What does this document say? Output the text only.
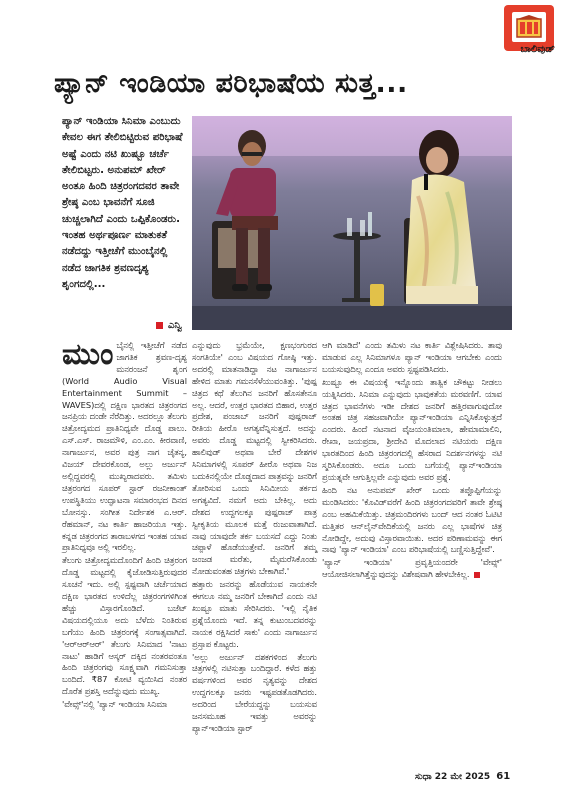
ಬಾಲಿವುಡ್
ಪ್ಯಾನ್ ಇಂಡಿಯಾ ಪರಿಭಾಷೆಯ ಸುತ್ತ...

ಪ್ಯಾನ್ ಇಂಡಿಯಾ ಸಿನಿಮಾ ಎಂಬುದು ಕೇವಲ ಈಗ ತೇಲಿಬಿಟ್ಟಿರುವ ಪರಿಭಾಷೆ ಅಷ್ಟೆ ಎಂದು ನಟಿ ಖುಷ್ಬೂ ಚರ್ಚೆ ತೇಲಿಬಿಟ್ಟರು. ಅನುಪಮ್ ಖೇರ್ ಅಂತೂ ಹಿಂದಿ ಚಿತ್ರರಂಗದವರ ತಾವೇ ಶ್ರೇಷ್ಠ ಎಂಬ ಭಾವನೆಗೆ ಸೂಜಿ ಚುಚ್ಚಲಾಗಿದೆ ಎಂದು ಒಪ್ಪಿಕೊಂಡರು. ಇಂತಹ ಅರ್ಥಪೂರ್ಣ ಮಾತುಕತೆ ನಡೆದದ್ದು ಇತ್ತೀಚೆಗೆ ಮುಂಬೈನಲ್ಲಿ ನಡೆದ ಜಾಗತಿಕ ಶ್ರವಣದೃಶ್ಯ ಶೃಂಗದಲ್ಲಿ...

ಎನ್ವಿ

ಮುಂಬೈನಲ್ಲಿ ಇತ್ತೀಚೆಗೆ ನಡೆದ ಜಾಗತಿಕ ಶ್ರವಣ-ದೃಶ್ಯ ಮನರಂಜನೆ ಶೃಂಗ (World Audio Visual Entertainment Summit – WAVES)ದಲ್ಲಿ ದಕ್ಷಿಣ ಭಾರತದ ಚಿತ್ರರಂಗದ ಜನಪ್ರಿಯ ದಂಡೇ ನೆರೆದಿತ್ತು. ಅದರಲ್ಲೂ ತೆಲುಗು ಚಿತ್ರೋದ್ಯಮದ ಪ್ರಾತಿನಿಧ್ಯವೇ ದೊಡ್ಡ ಪಾಲು. ಎಸ್.ಎಸ್. ರಾಜಮೌಳಿ, ಎಂ.ಎಂ. ಕೀರವಾಣಿ, ನಾಗಾರ್ಜುನ, ಅವರ ಪುತ್ರ ನಾಗ ಚೈತನ್ಯ, ವಿಜಯ್ ದೇವರಕೊಂಡ, ಅಲ್ಲು ಅರ್ಜುನ್ ಅಲ್ಲಿದ್ದವರಲ್ಲಿ ಮುಖ್ಯರಾದವರು. ತಮಿಳು ಚಿತ್ರರಂಗದ ಸೂಪರ್ ಸ್ಟಾರ್ ರಜನೀಕಾಂತ್ ಉಪಸ್ಥಿತಿಯು ಉದ್ಘಾಟನಾ ಸಮಾರಂಭದ ದಿನದ ಬೋನಸ್ಸು. ಸಂಗೀತ ನಿರ್ದೇಶಕ ಎ.ಆರ್. ರೆಹಮಾನ್, ನಟ ಕಾರ್ತಿ ಹಾಜರಿಯೂ ಇತ್ತು. ಕನ್ನಡ ಚಿತ್ರರಂಗದ ತಾರಾಬಳಗದ ಇಂತಹ ಯಾವ ಪ್ರಾತಿನಿಧ್ಯವೂ ಅಲ್ಲಿ ಇರಲಿಲ್ಲ.

ತೆಲುಗು ಚಿತ್ರೋದ್ಯಮದೊಂದಿಗೆ ಹಿಂದಿ ಚಿತ್ರರಂಗ ದೊಡ್ಡ ಮಟ್ಟದಲ್ಲಿ ಕೈಜೋಡಿಸುತ್ತಿರುವುದರ ಸೂಚನೆ ಇದು. ಅಲ್ಲಿ ಸ್ಪಷ್ಟವಾಗಿ ಚರ್ಚೆಯಾದ ದಕ್ಷಿಣ ಭಾರತದ ಉಳಿದೆಲ್ಲ ಚಿತ್ರರಂಗಗಳಿಗಿಂತ ಹೆಚ್ಚು ವಿಸ್ತಾರಗೊಂಡಿದೆ. ಬಜೆಟ್ ವಿಷಯದಲ್ಲಿಯೂ ಅದು ಬೆಳೆದು ನಿಂತಿರುವ ಬಗೆಯು ಹಿಂದಿ ಚಿತ್ರರಂಗಕ್ಕೆ ಸಂಗಾತ್ಸವಾಗಿದೆ. 'ಆರ್‌ಆರ್‌ಆರ್' ತೆಲುಗು ಸಿನಿಮಾದ 'ನಾಟು ನಾಟು' ಹಾಡಿಗೆ ಆಸ್ಕರ್ ದಕ್ಕಿದ ನಂತರವಂತೂ ಹಿಂದಿ ಚಿತ್ರರಂಗವು ಸೂಕ್ಷ್ಮವಾಗಿ ಗಮನಿಸುತ್ತಾ ಬಂದಿದೆ. ₹87 ಕೋಟಿ ವ್ಯಯಿಸಿದ ನಂತರ ದೊರೆತ ಪ್ರಶಸ್ತಿ ಅದೆನ್ನುವುದು ಮುಖ್ಯ.

'ವೇವ್ಸ್'ನಲ್ಲಿ 'ಪ್ಯಾನ್ ಇಂಡಿಯಾ ಸಿನಿಮಾ

ಎನ್ನುವುದು ಭ್ರಮೆಯೇ, ಕ್ಷಣಭಂಗುರದ ಸಂಗತಿಯೇ' ಎಂಬ ವಿಷಯದ ಗೋಷ್ಠಿ ಇತ್ತು. ಅದರಲ್ಲಿ ಮಾತನಾಡಿದ್ದಾ ನಟ ನಾಗಾರ್ಜುನ ಹೇಳಿದ ಮಾತು ಗಮನಸೆಳೆಯುವಂತಿತ್ತು. 'ಪುಷ್ಪ ಚಿತ್ರದ ಕಥೆ ತೆಲುಗಿನ ಜನರಿಗೆ ಹೊಸತೇನೂ ಅಲ್ಲ. ಆದರೆ, ಉತ್ತರ ಭಾರತದ ಬಿಹಾರ, ಉತ್ತರ ಪ್ರದೇಶ, ಪಂಜಾಬ್ ಜನರಿಗೆ ಪುಷ್ಪರಾಜ್ ರೀತಿಯ ಹೀರೊ ಅಗತ್ಯವೆನ್ನಿಸುತ್ತದೆ. ಅದನ್ನು ಅವರು ದೊಡ್ಡ ಮಟ್ಟದಲ್ಲಿ ಸ್ವೀಕರಿಸಿದರು. ಹಾಲಿವುಡ್ ಅಥವಾ ಬೇರೆ ದೇಶಗಳ ಸಿನಿಮಾಗಳಲ್ಲಿ ಸೂಪರ್ ಹೀರೊ ಅಥವಾ ನಿಜ ಬದುಕಿನಲ್ಲಿಯೇ ದೊಡ್ಡದಾದ ಪಾತ್ರವನ್ನು ಜನರಿಗೆ ತೋರಿಸುವ ಒಂದು ಸಿನಿಮೀಯ ತರ್ಕದ ಅಗತ್ಯವಿದೆ. ನಮಗೆ ಅದು ಬೇಕಿಲ್ಲ. ಅದು ದೇಶದ ಉದ್ದಗಲಕ್ಕೂ ಪುಷ್ಪರಾಜ್ ಪಾತ್ರ ಸ್ವೀಕೃತಿಯ ಮೂಲಕ ಮತ್ತೆ ರುಜುವಾತಾಗಿದೆ. ನಾವು ಯಾವುದೇ ತರ್ಕ ಬಯಸದೆ ಎದ್ದು ನಿಂತು ಚಪ್ಪಾಳೆ ಹೊಡೆಯುತ್ತೇವೆ. ಜನರಿಗೆ ತಮ್ಮ ಜಂಜಡ ಮರೆತು, ಮೈಮರೆಸಿಕೊಂಡು ನೋಡುವಂತಹ ಚಿತ್ರಗಳು ಬೇಕಾಗಿವೆ.'

ಹತ್ತಾರು ಜನರನ್ನು ಹೊಡೆಯುವ ನಾಯಕನೇ ಈಗಲೂ ನಮ್ಮ ಜನರಿಗೆ ಬೇಕಾಗಿದೆ ಎಂದು ನಟಿ ಖುಷ್ಬೂ ಮಾತು ಸೇರಿಸಿದರು. 'ಇಲ್ಲಿ ನೈತಿಕ ಪ್ರಶ್ನೆಯೊಂದು ಇದೆ. ತನ್ನ ಕುಟುಂಬದವರನ್ನು ನಾಯಕ ರಕ್ಷಿಸಿದರೆ ಸಾಕು' ಎಂದು ನಾಗಾರ್ಜುನ ಪ್ರಸ್ತಾಪ ಕೊಟ್ಟರು.

'ಅಲ್ಲು ಅರ್ಜುನ್ ದಶಕಗಳಿಂದ ತೆಲುಗು ಚಿತ್ರಗಳಲ್ಲಿ ನಟಿಸುತ್ತಾ ಬಂದಿದ್ದಾರೆ. ಕಳೆದ ಹತ್ತು ವರ್ಷಗಳಿಂದ ಅವರ ನೃತ್ಯವನ್ನು ದೇಶದ ಉದ್ದಗಲಕ್ಕೂ ಜನರು ಇಷ್ಟಪಡತೊಡಗಿದರು. ಅದರಿಂದ ಬೇರೆಯದ್ದನ್ನು ಬಯಸುವ ಜನಸಮೂಹ ಇವತ್ತು ಅವರನ್ನು ಪ್ಯಾನ್‌ಇಂಡಿಯಾ ಸ್ಟಾರ್

ಆಗಿ ಮಾಡಿದೆ' ಎಂದು ತಮಿಳು ನಟ ಕಾರ್ತಿ ವಿಶ್ಲೇಷಿಸಿದರು. ತಾವು ಮಾಡುವ ಎಲ್ಲ ಸಿನಿಮಾಗಳೂ ಪ್ಯಾನ್ ಇಂಡಿಯಾ ಆಗಬೇಕು ಎಂದು ಬಯಸುವುದಿಲ್ಲ ಎಂದೂ ಅವರು ಸ್ಪಷ್ಟಪಡಿಸಿದರು.

ಖುಷ್ಬೂ ಈ ವಿಷಯಕ್ಕೆ ಇನ್ನೊಂದು ತಾತ್ವಿಕ ಚೌಕಟ್ಟು ನೀಡಲು ಯತ್ನಿಸಿದರು. ಸಿನಿಮಾ ಎನ್ನುವುದು ಭಾವುಕತೆಯ ಮರವಣಿಗೆ. ಯಾವ ಚಿತ್ರದ ಭಾವನೆಗಳು ಇಡೀ ದೇಶದ ಜನರಿಗೆ ಹತ್ತಿರವಾಗುವುದೋ ಅಂತಹ ಚಿತ್ರ ಸಹಜವಾಗಿಯೇ ಪ್ಯಾನ್‌ಇಂಡಿಯಾ ಎನ್ನಿಸಿಕೊಳ್ಳುತ್ತದೆ ಎಂದರು. ಹಿಂದೆ ನಟನಾದ ವೈಜಯಂತಿಮಾಲಾ, ಹೇಮಾಮಾಲಿನಿ, ರೇಖಾ, ಜಯಪ್ರದಾ, ಶ್ರೀದೇವಿ ಮೊದಲಾದ ನಟಿಯರು ದಕ್ಷಿಣ ಭಾರತದಿಂದ ಹಿಂದಿ ಚಿತ್ರರಂಗದಲ್ಲಿ ಹೆಸರಾದ ನಿದರ್ಶನಗಳನ್ನು ನಟಿ ಸ್ಮರಿಸಿಕೊಂಡರು. ಅದೂ ಒಂದು ಬಗೆಯಲ್ಲಿ ಪ್ಯಾನ್‌ಇಂಡಿಯಾ ಪ್ರಯತ್ನವೇ ಆಗುತ್ತಿಲ್ಲವೇ ಎನ್ನುವುದು ಅವರ ಪ್ರಶ್ನೆ.

ಹಿಂದಿ ನಟ ಅನುಪಮ್ ಖೇರ್ ಒಂದು ತಪ್ಪೊಪ್ಪಿಗೆಯನ್ನು ಮಂಡಿಸಿದರು: 'ಕೊವಿಡ್‌ವರೆಗೆ ಹಿಂದಿ ಚಿತ್ರರಂಗದವರಿಗೆ ತಾವೇ ಶ್ರೇಷ್ಠ ಎಂಬ ಅಹಮಿಕೆಯಿತ್ತು. ಚಿತ್ರಮಂದಿರಗಳು ಬಂದ್ ಆದ ನಂತರ ಓಟಿಟಿ ಮತ್ತಿತರ ಆನ್‌ಲೈನ್‌ವೇದಿಕೆಯಲ್ಲಿ ಜನರು ಎಲ್ಲ ಭಾಷೆಗಳ ಚಿತ್ರ ನೋಡಿದ್ದೇ, ಅದುವು ವಿಸ್ತಾರವಾಯಿತು. ಅದರ ಪರಿಣಾಮವನ್ನು ಈಗ ನಾವು 'ಪ್ಯಾನ್ ಇಂಡಿಯಾ' ಎಂಬ ಪರಿಭಾಷೆಯಲ್ಲಿ ಬಣ್ಣಿಸುತ್ತಿದ್ದೇವೆ'.

'ಪ್ಯಾನ್ ಇಂಡಿಯಾ' ಪ್ರವೃತ್ತಿಯಂದರೇ 'ವೇವ್ಸ್' ಆಯೋಜಿಸಲಾಗಿತ್ತೆನ್ನುವುದನ್ನು ವಿಶೇಷವಾಗಿ ಹೇಳಬೇಕಿಲ್ಲ.

ಸುಧಾ 22 ಮೇ 2025 61
